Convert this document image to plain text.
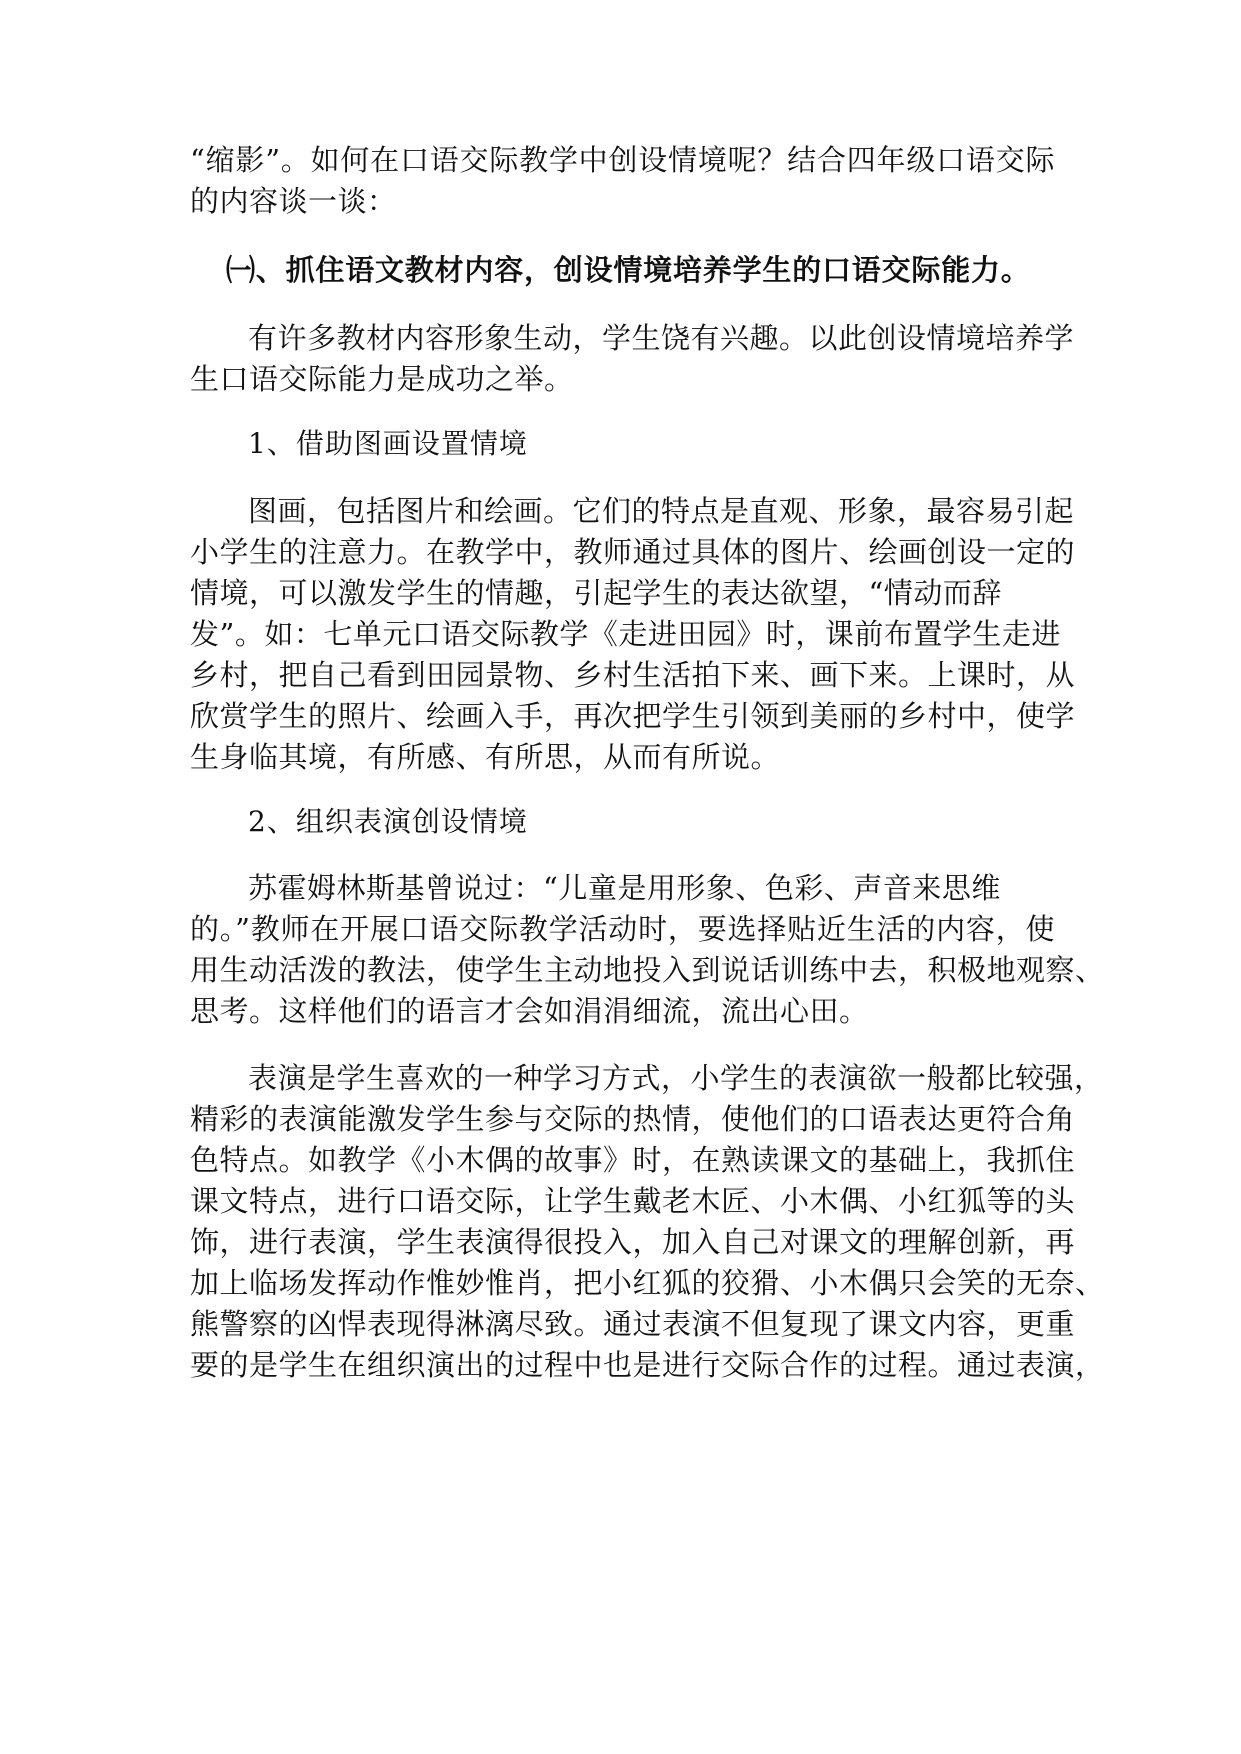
“缩影”。如何在口语交际教学中创设情境呢？结合四年级口语交际
的内容谈一谈：
㈠、抓住语文教材内容，创设情境培养学生的口语交际能力。
有许多教材内容形象生动，学生饶有兴趣。以此创设情境培养学
生口语交际能力是成功之举。
1、借助图画设置情境
图画，包括图片和绘画。它们的特点是直观、形象，最容易引起
小学生的注意力。在教学中，教师通过具体的图片、绘画创设一定的
情境，可以激发学生的情趣，引起学生的表达欲望，“情动而辞
发”。如：七单元口语交际教学《走进田园》时，课前布置学生走进
乡村，把自己看到田园景物、乡村生活拍下来、画下来。上课时，从
欣赏学生的照片、绘画入手，再次把学生引领到美丽的乡村中，使学
生身临其境，有所感、有所思，从而有所说。
2、组织表演创设情境
苏霍姆林斯基曾说过：“儿童是用形象、色彩、声音来思维
的。”教师在开展口语交际教学活动时，要选择贴近生活的内容，使
用生动活泼的教法，使学生主动地投入到说话训练中去，积极地观察、
思考。这样他们的语言才会如涓涓细流，流出心田。
表演是学生喜欢的一种学习方式，小学生的表演欲一般都比较强，
精彩的表演能激发学生参与交际的热情，使他们的口语表达更符合角
色特点。如教学《小木偶的故事》时，在熟读课文的基础上，我抓住
课文特点，进行口语交际，让学生戴老木匠、小木偶、小红狐等的头
饰，进行表演，学生表演得很投入，加入自己对课文的理解创新，再
加上临场发挥动作惟妙惟肖，把小红狐的狡猾、小木偶只会笑的无奈、
熊警察的凶悍表现得淋漓尽致。通过表演不但复现了课文内容，更重
要的是学生在组织演出的过程中也是进行交际合作的过程。通过表演，
